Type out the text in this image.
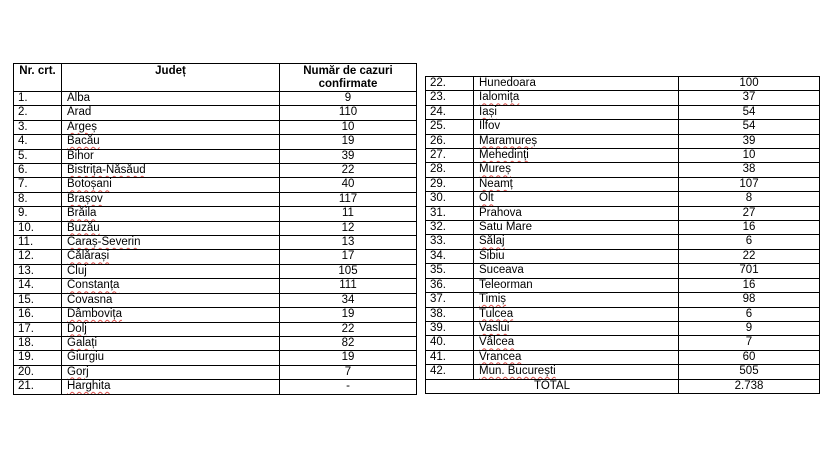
Nr. crt.	Județ	Număr de cazuri confirmate
1.	Alba	9
2.	Arad	110
3.	Argeș	10
4.	Bacău	19
5.	Bihor	39
6.	Bistrița-Năsăud	22
7.	Botoșani	40
8.	Brașov	117
9.	Brăila	11
10.	Buzău	12
11.	Caraș-Severin	13
12.	Călărași	17
13.	Cluj	105
14.	Constanța	111
15.	Covasna	34
16.	Dâmbovița	19
17.	Dolj	22
18.	Galați	82
19.	Giurgiu	19
20.	Gorj	7
21.	Harghita	-
22.	Hunedoara	100
23.	Ialomița	37
24.	Iași	54
25.	Ilfov	54
26.	Maramureș	39
27.	Mehedinți	10
28.	Mureș	38
29.	Neamț	107
30.	Olt	8
31.	Prahova	27
32.	Satu Mare	16
33.	Sălaj	6
34.	Sibiu	22
35.	Suceava	701
36.	Teleorman	16
37.	Timiș	98
38.	Tulcea	6
39.	Vaslui	9
40.	Vâlcea	7
41.	Vrancea	60
42.	Mun. București	505
TOTAL		2.738
